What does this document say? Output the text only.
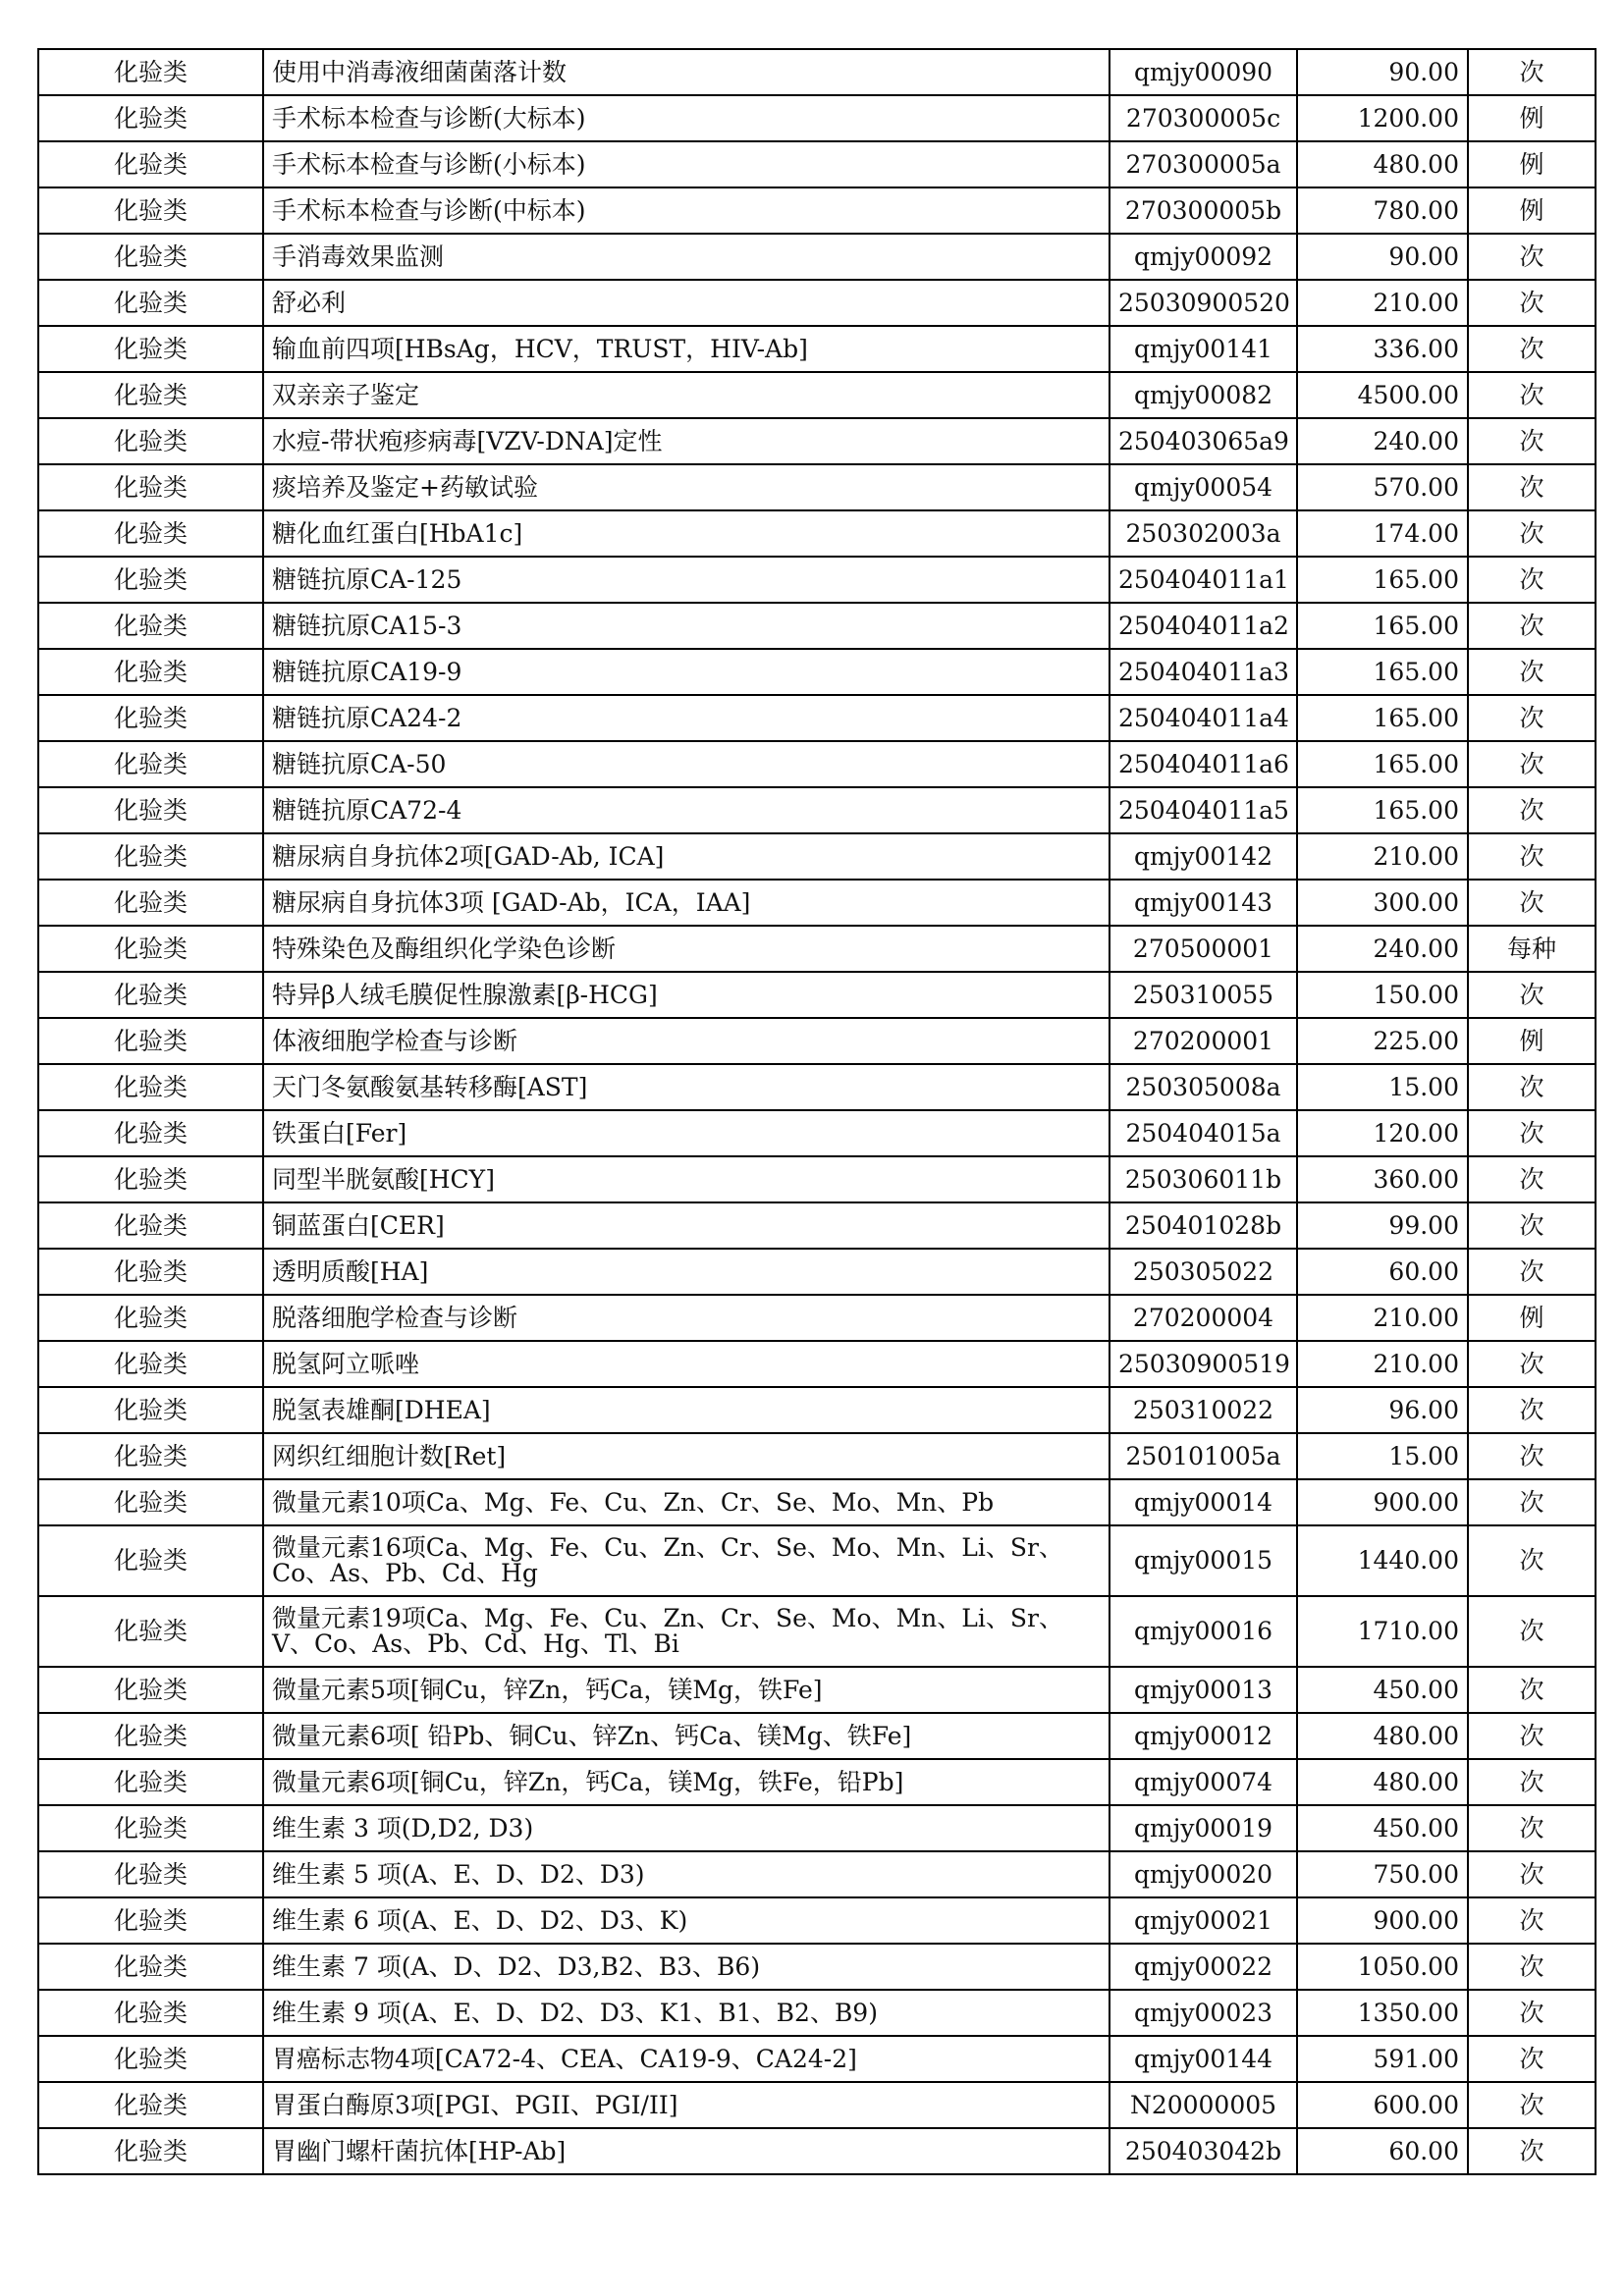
化验类	使用中消毒液细菌菌落计数	qmjy00090	90.00	次
化验类	手术标本检查与诊断(大标本)	270300005c	1200.00	例
化验类	手术标本检查与诊断(小标本)	270300005a	480.00	例
化验类	手术标本检查与诊断(中标本)	270300005b	780.00	例
化验类	手消毒效果监测	qmjy00092	90.00	次
化验类	舒必利	25030900520	210.00	次
化验类	输血前四项[HBsAg，HCV，TRUST，HIV-Ab]	qmjy00141	336.00	次
化验类	双亲亲子鉴定	qmjy00082	4500.00	次
化验类	水痘-带状疱疹病毒[VZV-DNA]定性	250403065a9	240.00	次
化验类	痰培养及鉴定+药敏试验	qmjy00054	570.00	次
化验类	糖化血红蛋白[HbA1c]	250302003a	174.00	次
化验类	糖链抗原CA-125	250404011a1	165.00	次
化验类	糖链抗原CA15-3	250404011a2	165.00	次
化验类	糖链抗原CA19-9	250404011a3	165.00	次
化验类	糖链抗原CA24-2	250404011a4	165.00	次
化验类	糖链抗原CA-50	250404011a6	165.00	次
化验类	糖链抗原CA72-4	250404011a5	165.00	次
化验类	糖尿病自身抗体2项[GAD-Ab, ICA]	qmjy00142	210.00	次
化验类	糖尿病自身抗体3项 [GAD-Ab，ICA，IAA]	qmjy00143	300.00	次
化验类	特殊染色及酶组织化学染色诊断	270500001	240.00	每种
化验类	特异β人绒毛膜促性腺激素[β-HCG]	250310055	150.00	次
化验类	体液细胞学检查与诊断	270200001	225.00	例
化验类	天门冬氨酸氨基转移酶[AST]	250305008a	15.00	次
化验类	铁蛋白[Fer]	250404015a	120.00	次
化验类	同型半胱氨酸[HCY]	250306011b	360.00	次
化验类	铜蓝蛋白[CER]	250401028b	99.00	次
化验类	透明质酸[HA]	250305022	60.00	次
化验类	脱落细胞学检查与诊断	270200004	210.00	例
化验类	脱氢阿立哌唑	25030900519	210.00	次
化验类	脱氢表雄酮[DHEA]	250310022	96.00	次
化验类	网织红细胞计数[Ret]	250101005a	15.00	次
化验类	微量元素10项Ca、Mg、Fe、Cu、Zn、Cr、Se、Mo、Mn、Pb	qmjy00014	900.00	次
化验类	微量元素16项Ca、Mg、Fe、Cu、Zn、Cr、Se、Mo、Mn、Li、Sr、Co、As、Pb、Cd、Hg	qmjy00015	1440.00	次
化验类	微量元素19项Ca、Mg、Fe、Cu、Zn、Cr、Se、Mo、Mn、Li、Sr、V、Co、As、Pb、Cd、Hg、Tl、Bi	qmjy00016	1710.00	次
化验类	微量元素5项[铜Cu，锌Zn，钙Ca，镁Mg，铁Fe]	qmjy00013	450.00	次
化验类	微量元素6项[ 铅Pb、铜Cu、锌Zn、钙Ca、镁Mg、铁Fe]	qmjy00012	480.00	次
化验类	微量元素6项[铜Cu，锌Zn，钙Ca，镁Mg，铁Fe，铅Pb]	qmjy00074	480.00	次
化验类	维生素 3 项(D,D2, D3)	qmjy00019	450.00	次
化验类	维生素 5 项(A、E、D、D2、D3)	qmjy00020	750.00	次
化验类	维生素 6 项(A、E、D、D2、D3、K)	qmjy00021	900.00	次
化验类	维生素 7 项(A、D、D2、D3,B2、B3、B6)	qmjy00022	1050.00	次
化验类	维生素 9 项(A、E、D、D2、D3、K1、B1、B2、B9)	qmjy00023	1350.00	次
化验类	胃癌标志物4项[CA72-4、CEA、CA19-9、CA24-2]	qmjy00144	591.00	次
化验类	胃蛋白酶原3项[PGI、PGII、PGI/II]	N20000005	600.00	次
化验类	胃幽门螺杆菌抗体[HP-Ab]	250403042b	60.00	次
